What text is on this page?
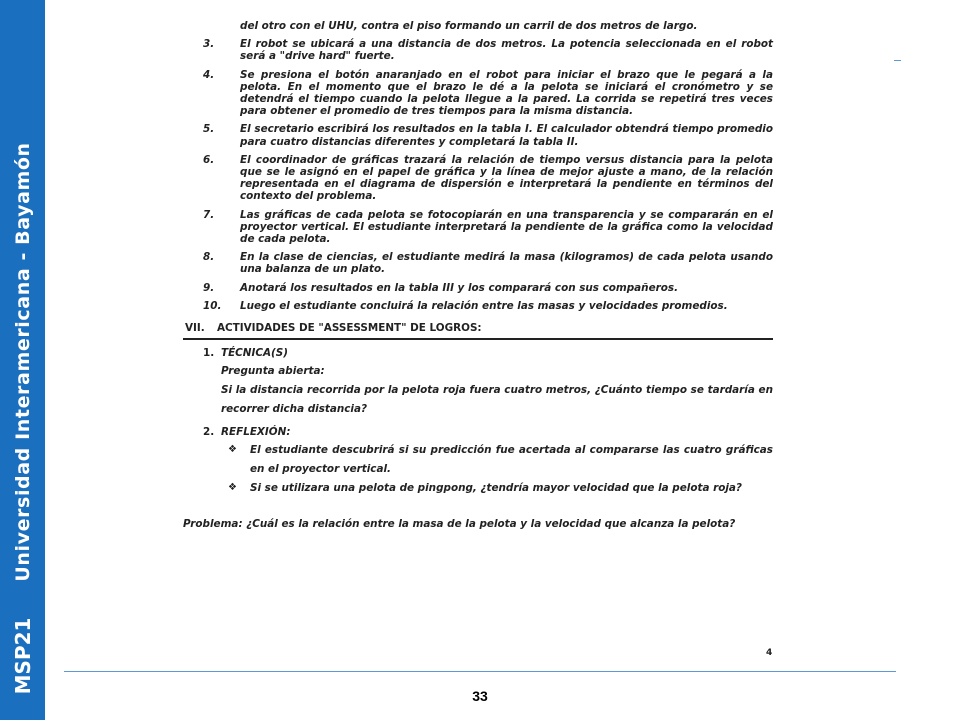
Universidad Interamericana - Bayamón
MSP21
del otro con el UHU, contra el piso formando un carril de dos metros de largo.
3. El robot se ubicará a una distancia de dos metros. La potencia seleccionada en el robot será a "drive hard" fuerte.
4. Se presiona el botón anaranjado en el robot para iniciar el brazo que le pegará a la pelota. En el momento que el brazo le dé a la pelota se iniciará el cronómetro y se detendrá el tiempo cuando la pelota llegue a la pared. La corrida se repetirá tres veces para obtener el promedio de tres tiempos para la misma distancia.
5. El secretario escribirá los resultados en la tabla I. El calculador obtendrá tiempo promedio para cuatro distancias diferentes y completará la tabla II.
6. El coordinador de gráficas trazará la relación de tiempo versus distancia para la pelota que se le asignó en el papel de gráfica y la línea de mejor ajuste a mano, de la relación representada en el diagrama de dispersión e interpretará la pendiente en términos del contexto del problema.
7. Las gráficas de cada pelota se fotocopiarán en una transparencia y se compararán en el proyector vertical. El estudiante interpretará la pendiente de la gráfica como la velocidad de cada pelota.
8. En la clase de ciencias, el estudiante medirá la masa (kilogramos) de cada pelota usando una balanza de un plato.
9. Anotará los resultados en la tabla III y los comparará con sus compañeros.
10. Luego el estudiante concluirá la relación entre las masas y velocidades promedios.
VII. ACTIVIDADES DE "ASSESSMENT" DE LOGROS:
1. TÉCNICA(S)
Pregunta abierta:
Si la distancia recorrida por la pelota roja fuera cuatro metros, ¿Cuánto tiempo se tardaría en recorrer dicha distancia?
2. REFLEXIÓN:
❖ El estudiante descubrirá si su predicción fue acertada al compararse las cuatro gráficas en el proyector vertical.
❖ Si se utilizara una pelota de pingpong, ¿tendría mayor velocidad que la pelota roja?
Problema: ¿Cuál es la relación entre la masa de la pelota y la velocidad que alcanza la pelota?
4
33
